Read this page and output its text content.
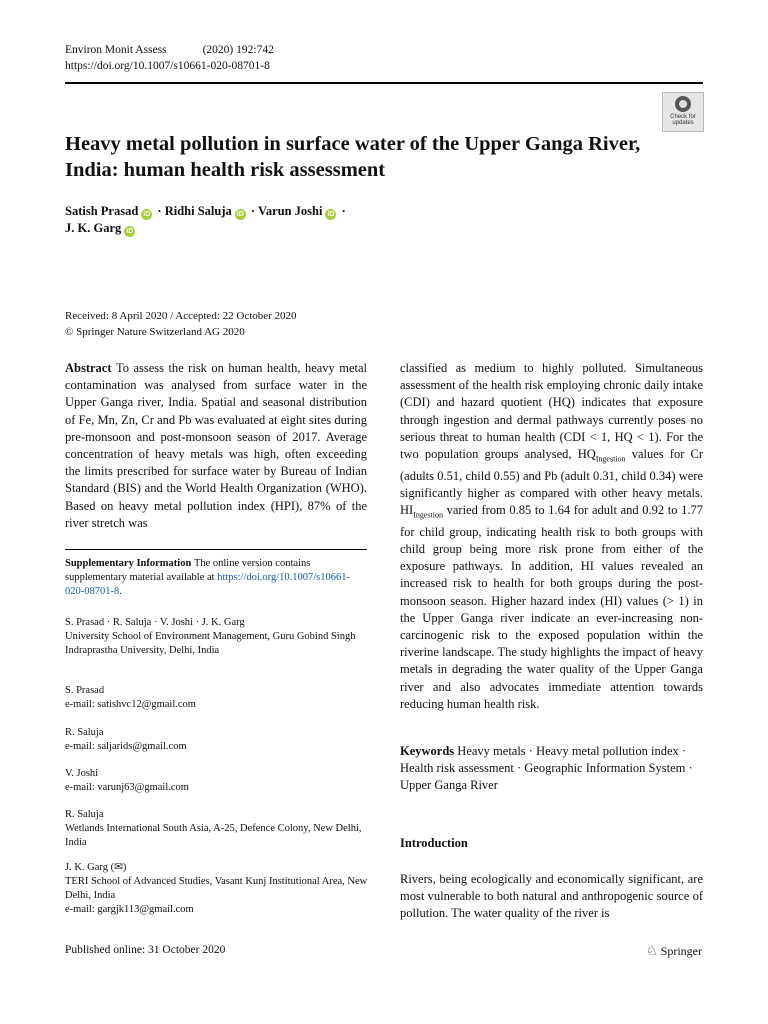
Environ Monit Assess	(2020) 192:742
https://doi.org/10.1007/s10661-020-08701-8
Check for
updates
Heavy metal pollution in surface water of the Upper Ganga River, India: human health risk assessment
Satish Prasad iD · Ridhi Saluja iD · Varun Joshi iD ·
J. K. Garg iD
Received: 8 April 2020 / Accepted: 22 October 2020
© Springer Nature Switzerland AG 2020
Abstract To assess the risk on human health, heavy metal contamination was analysed from surface water in the Upper Ganga river, India. Spatial and seasonal distribution of Fe, Mn, Zn, Cr and Pb was evaluated at eight sites during pre-monsoon and post-monsoon season of 2017. Average concentration of heavy metals was high, often exceeding the limits prescribed for surface water by Bureau of Indian Standard (BIS) and the World Health Organization (WHO). Based on heavy metal pollution index (HPI), 87% of the river stretch was
classified as medium to highly polluted. Simultaneous assessment of the health risk employing chronic daily intake (CDI) and hazard quotient (HQ) indicates that exposure through ingestion and dermal pathways currently poses no serious threat to human health (CDI < 1, HQ < 1). For the two population groups analysed, $HQ_{Ingestion}$ values for Cr (adults 0.51, child 0.55) and Pb (adult 0.31, child 0.34) were significantly higher as compared with other heavy metals. $HI_{Ingestion}$ varied from 0.85 to 1.64 for adult and 0.92 to 1.77 for child group, indicating health risk to both groups with child group being more risk prone from either of the exposure pathways. In addition, HI values revealed an increased risk to health for both groups during the post-monsoon season. Higher hazard index (HI) values (> 1) in the Upper Ganga river indicate an ever-increasing non-carcinogenic risk to the exposed population within the riverine landscape. The study highlights the impact of heavy metals in degrading the water quality of the Upper Ganga river and also advocates immediate attention towards reducing human health risk.
Keywords Heavy metals · Heavy metal pollution index · Health risk assessment · Geographic Information System · Upper Ganga River
Supplementary Information The online version contains supplementary material available at https://doi.org/10.1007/s10661-020-08701-8.
S. Prasad · R. Saluja · V. Joshi · J. K. Garg
University School of Environment Management, Guru Gobind Singh Indraprastha University, Delhi, India
S. Prasad
e-mail: satishvc12@gmail.com
R. Saluja
e-mail: saljarids@gmail.com
V. Joshi
e-mail: varunj63@gmail.com
R. Saluja
Wetlands International South Asia, A-25, Defence Colony, New Delhi, India
J. K. Garg (✉)
TERI School of Advanced Studies, Vasant Kunj Institutional Area, New Delhi, India
e-mail: gargjk113@gmail.com
Introduction
Rivers, being ecologically and economically significant, are most vulnerable to both natural and anthropogenic source of pollution. The water quality of the river is
Published online: 31 October 2020	♘ Springer
